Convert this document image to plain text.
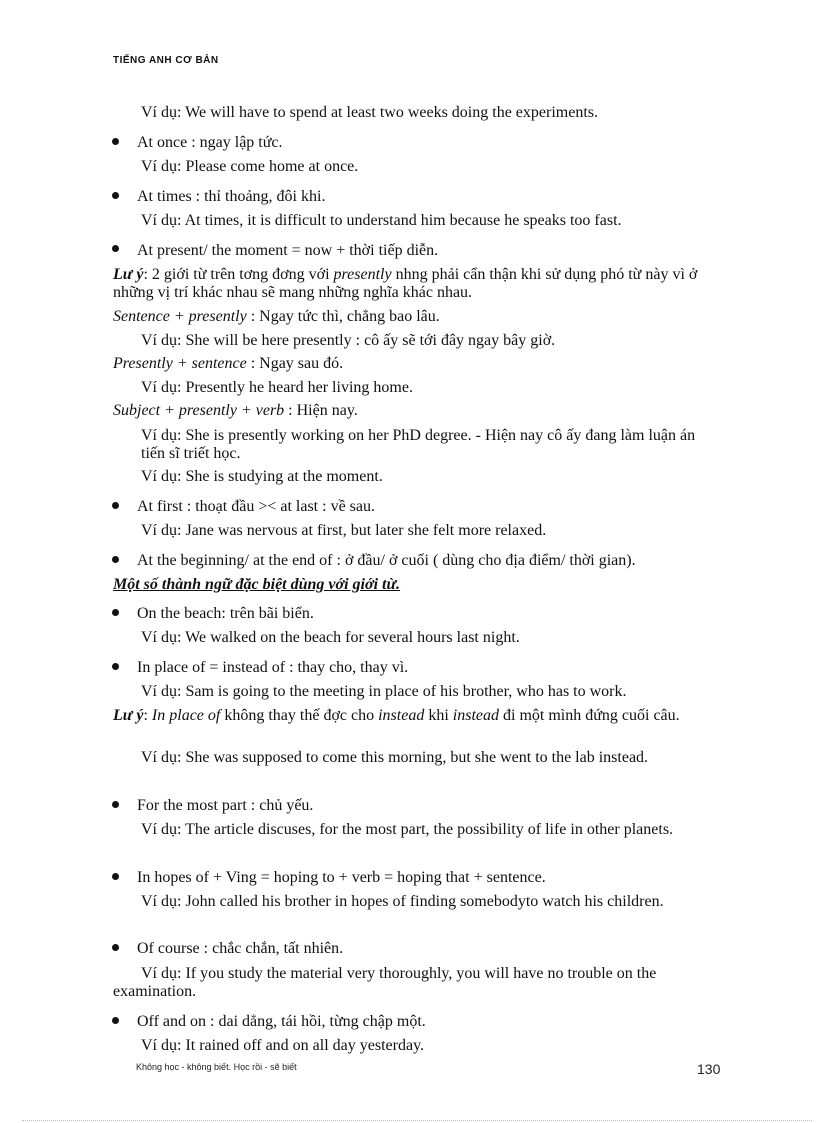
TIẾNG ANH CƠ BẢN
Ví dụ: We will have to spend at least two weeks doing the experiments.
At once : ngay lập tức.
Ví dụ: Please come home at once.
At times : thỉ thoảng, đôi khi.
Ví dụ: At times, it is difficult to understand him because he speaks too fast.
At present/ the moment = now + thời tiếp diễn.
Lư ý: 2 giới từ trên tơng đơng với presently nhng phải cẩn thận khi sử dụng phó từ này vì ở những vị trí khác nhau sẽ mang những nghĩa khác nhau.
Sentence + presently : Ngay tức thì, chẳng bao lâu.
Ví dụ: She will be here presently : cô ấy sẽ tới đây ngay bây giờ.
Presently + sentence : Ngay sau đó.
Ví dụ: Presently he heard her living home.
Subject + presently + verb : Hiện nay.
Ví dụ: She is presently working on her PhD degree. - Hiện nay cô ấy đang làm luận án tiến sĩ triết học.
Ví dụ: She is studying at the moment.
At first : thoạt đầu >< at last : về sau.
Ví dụ: Jane was nervous at first, but later she felt more relaxed.
At the beginning/ at the end of : ở đầu/ ở cuối ( dùng cho địa điểm/ thời gian).
Một số thành ngữ đặc biệt dùng với giới từ.
On the beach: trên bãi biển.
Ví dụ: We walked on the beach for several hours last night.
In place of = instead of : thay cho, thay vì.
Ví dụ: Sam is going to the meeting in place of his brother, who has to work.
Lư ý: In place of không thay thế đợc cho instead khi instead đi một mình đứng cuối câu.
Ví dụ: She was supposed to come this morning, but she went to the lab instead.
For the most part : chủ yếu.
Ví dụ: The article discuses, for the most part, the possibility of life in other planets.
In hopes of + Ving = hoping to + verb = hoping that + sentence.
Ví dụ: John called his brother in hopes of finding somebodyto watch his children.
Of course : chắc chắn, tất nhiên.
Ví dụ: If you study the material very thoroughly, you will have no trouble on the examination.
Off and on : dai dẳng, tái hồi, từng chập một.
Ví dụ: It rained off and on all day yesterday.
Không học - không biết. Học rồi - sẽ biết	130
